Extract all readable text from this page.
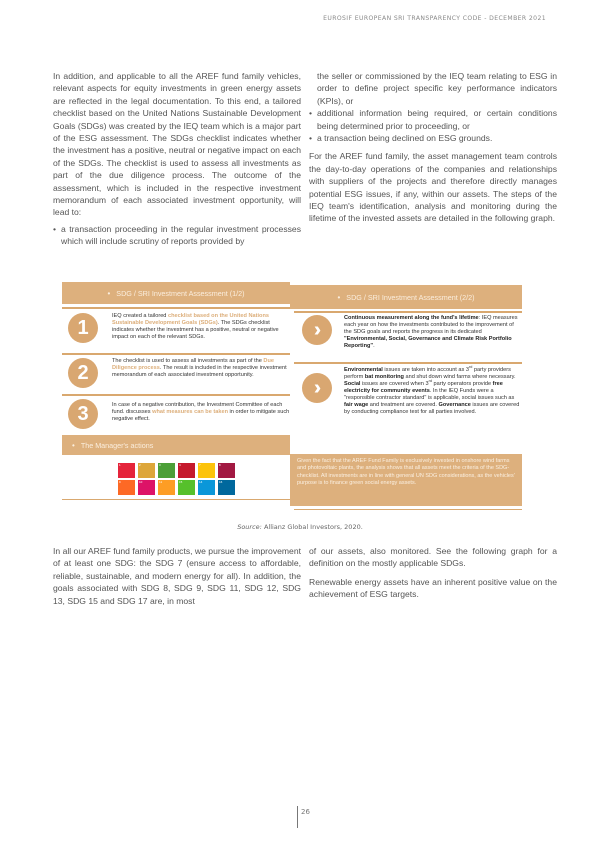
EUROSIF EUROPEAN SRI TRANSPARENCY CODE - DECEMBER 2021

In addition, and applicable to all the AREF fund family vehicles, relevant aspects for equity investments in green energy assets are reflected in the legal documentation. To this end, a tailored checklist based on the United Nations Sustainable Development Goals (SDGs) was created by the IEQ team which is a major part of the ESG assessment. The SDGs checklist indicates whether the investment has a positive, neutral or negative impact on each of the SDGs. The checklist is used to assess all investments as part of the due diligence process. The outcome of the assessment, which is included in the respective investment memorandum of each associated investment opportunity, will lead to:

• a transaction proceeding in the regular investment processes which will include scrutiny of reports provided by
the seller or commissioned by the IEQ team relating to ESG in order to define project specific key performance indicators (KPIs), or
• additional information being required, or certain conditions being determined prior to proceeding, or
• a transaction being declined on ESG grounds.

For the AREF fund family, the asset management team controls the day-to-day operations of the companies and relationships with suppliers of the projects and therefore directly manages potential ESG issues, if any, within our assets. The steps of the IEQ team's identification, analysis and monitoring during the lifetime of the invested assets are detailed in the following graph.

• SDG / SRI Investment Assessment (1/2)	• SDG / SRI Investment Assessment (2/2)
1
IEQ created a tailored checklist based on the United Nations Sustainable Development Goals (SDGs). The SDGs checklist indicates whether the investment has a positive, neutral or negative impact on each of the relevant SDGs.
2
The checklist is used to assess all investments as part of the Due Diligence process. The result is included in the respective investment memorandum of each associated investment opportunity.
3	In case of a negative contribution, the Investment Committee of each fund. discusses what measures can be taken in order to mitigate such negative effect.
• The Manager's actions
1	2	3	4	7	8
9	10	11	15	14	16
››
Continuous measurement along the fund's lifetime: IEQ measures each year on how the investments contributed to the improvement of the SDG goals and reports the progress in its dedicated "Environmental, Social, Governance and Climate Risk Portfolio Reporting".
››
Environmental issues are taken into account as 3rd party providers perform bat monitoring and shut down wind farms where necessary. Social issues are covered when 3rd party operators provide free electricity for community events. In the IEQ Funds were a "responsible contractor standard" is applicable, social issues such as fair wage and treatment are covered. Governance issues are covered by conducting compliance test for all parties involved.
Given the fact that the AREF Fund Family is exclusively invested in onshore wind farms and photovoltaic plants, the analysis shows that all assets meet the criteria of the SDG-checklist. All investments are in line with general UN SDG considerations, as the vehicles' purpose is to finance green social energy assets.
Source: Allianz Global Investors, 2020.

In all our AREF fund family products, we pursue the improvement of at least one SDG: the SDG 7 (ensure access to affordable, reliable, sustainable, and modern energy for all). In addition, the goals associated with SDG 8, SDG 9, SDG 11, SDG 12, SDG 13, SDG 15 and SDG 17 are, in most

of our assets, also monitored. See the following graph for a definition on the mostly applicable SDGs.

Renewable energy assets have an inherent positive value on the achievement of ESG targets.

26
